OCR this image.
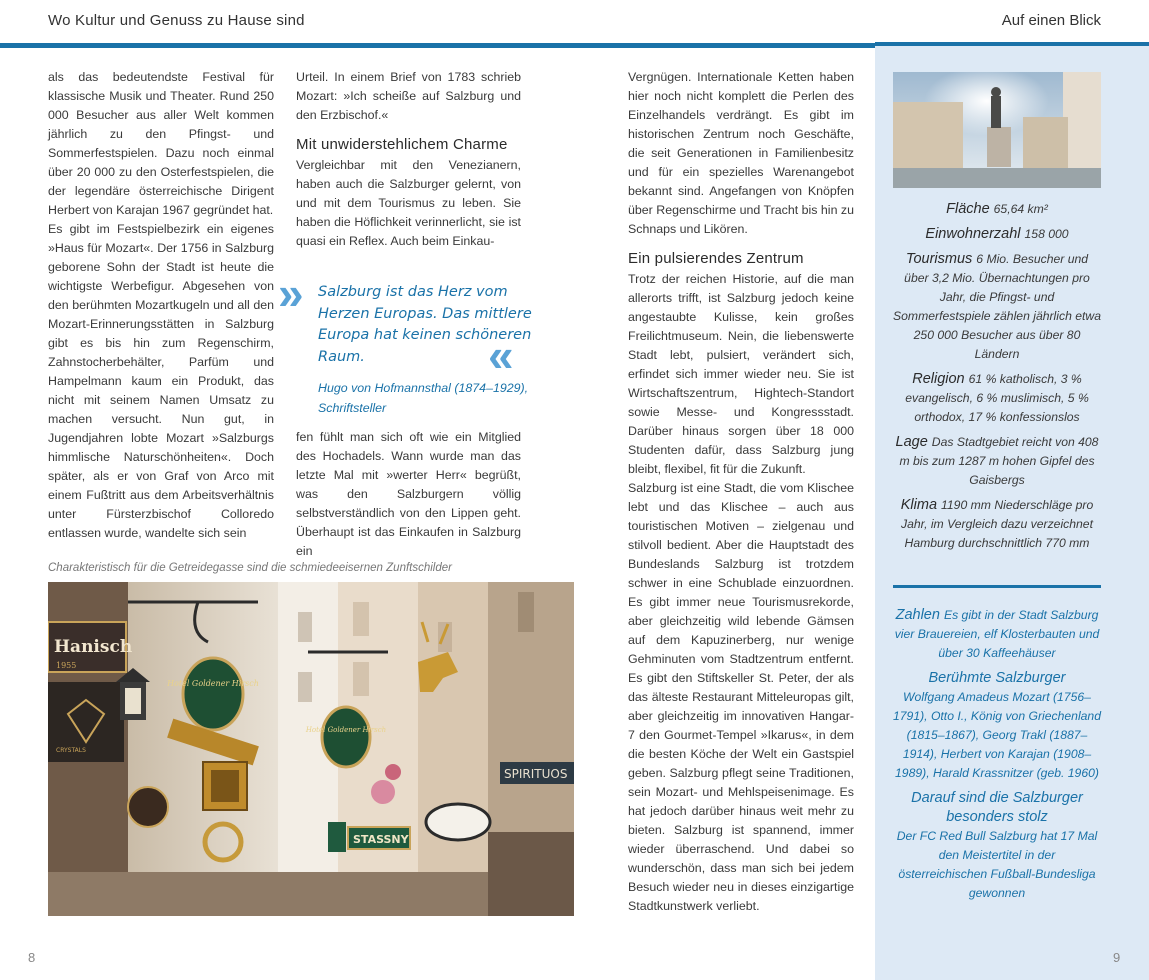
Wo Kultur und Genuss zu Hause sind	Auf einen Blick

als das bedeutendste Festival für klassische Musik und Theater. Rund 250 000 Besucher aus aller Welt kommen jährlich zu den Pfingst- und Sommerfestspielen. Dazu noch einmal über 20 000 zu den Osterfestspielen, die der legendäre österreichische Dirigent Herbert von Karajan 1967 gegründet hat.

Es gibt im Festspielbezirk ein eigenes »Haus für Mozart«. Der 1756 in Salzburg geborene Sohn der Stadt ist heute die wichtigste Werbefigur. Abgesehen von den berühmten Mozartkugeln und all den Mozart-Erinnerungsstätten in Salzburg gibt es bis hin zum Regenschirm, Zahnstocherbehälter, Parfüm und Hampelmann kaum ein Produkt, das nicht mit seinem Namen Umsatz zu machen versucht. Nun gut, in Jugendjahren lobte Mozart »Salzburgs himmlische Naturschönheiten«. Doch später, als er von Graf von Arco mit einem Fußtritt aus dem Arbeitsverhältnis unter Fürsterzbischof Colloredo entlassen wurde, wandelte sich sein

Urteil. In einem Brief von 1783 schrieb Mozart: »Ich scheiße auf Salzburg und den Erzbischof.«

Mit unwiderstehlichem Charme

Vergleichbar mit den Venezianern, haben auch die Salzburger gelernt, von und mit dem Tourismus zu leben. Sie haben die Höflichkeit verinnerlicht, sie ist quasi ein Reflex. Auch beim Einkau-

» Salzburg ist das Herz vom Herzen Europas. Das mittlere Europa hat keinen schöneren Raum.	«
Hugo von Hofmannsthal (1874–1929), Schriftsteller

fen fühlt man sich oft wie ein Mitglied des Hochadels. Wann wurde man das letzte Mal mit »werter Herr« begrüßt, was den Salzburgern völlig selbstverständlich von den Lippen geht. Überhaupt ist das Einkaufen in Salzburg ein

Vergnügen. Internationale Ketten haben hier noch nicht komplett die Perlen des Einzelhandels verdrängt. Es gibt im historischen Zentrum noch Geschäfte, die seit Generationen in Familienbesitz und für ein spezielles Warenangebot bekannt sind. Angefangen von Knöpfen über Regenschirme und Tracht bis hin zu Schnaps und Likören.

Ein pulsierendes Zentrum

Trotz der reichen Historie, auf die man allerorts trifft, ist Salzburg jedoch keine angestaubte Kulisse, kein großes Freilichtmuseum. Nein, die liebenswerte Stadt lebt, pulsiert, verändert sich, erfindet sich immer wieder neu. Sie ist Wirtschaftszentrum, Hightech-Standort sowie Messe- und Kongressstadt. Darüber hinaus sorgen über 18 000 Studenten dafür, dass Salzburg jung bleibt, flexibel, fit für die Zukunft.

Salzburg ist eine Stadt, die vom Klischee lebt und das Klischee – auch aus touristischen Motiven – zielgenau und stilvoll bedient. Aber die Hauptstadt des Bundeslands Salzburg ist trotzdem schwer in eine Schublade einzuordnen. Es gibt immer neue Tourismusrekorde, aber gleichzeitig wild lebende Gämsen auf dem Kapuzinerberg, nur wenige Gehminuten vom Stadtzentrum entfernt. Es gibt den Stiftskeller St. Peter, der als das älteste Restaurant Mitteleuropas gilt, aber gleichzeitig im innovativen Hangar-7 den Gourmet-Tempel »Ikarus«, in dem die besten Köche der Welt ein Gastspiel geben. Salzburg pflegt seine Traditionen, sein Mozart- und Mehlspeisenimage. Es hat jedoch darüber hinaus weit mehr zu bieten. Salzburg ist spannend, immer wieder überraschend. Und dabei so wunderschön, dass man sich bei jedem Besuch wieder neu in dieses einzigartige Stadtkunstwerk verliebt.

Charakteristisch für die Getreidegasse sind die schmiedeeisernen Zunftschilder
Hanisch
1955
CRYSTALS
Hotel Goldener Hirsch
Hotel Goldener Hirsch
SPIRITUOS
STASSNY
Fläche 65,64 km²
Einwohnerzahl 158 000
Tourismus 6 Mio. Besucher und über 3,2 Mio. Übernachtungen pro Jahr, die Pfingst- und Sommerfestspiele zählen jährlich etwa 250 000 Besucher aus über 80 Ländern
Religion 61 % katholisch, 3 % evangelisch, 6 % muslimisch, 5 % orthodox, 17 % konfessionslos
Lage Das Stadtgebiet reicht von 408 m bis zum 1287 m hohen Gipfel des Gaisbergs
Klima 1190 mm Niederschläge pro Jahr, im Vergleich dazu verzeichnet Hamburg durchschnittlich 770 mm
Zahlen Es gibt in der Stadt Salzburg vier Brauereien, elf Klosterbauten und über 30 Kaffeehäuser
Berühmte Salzburger
Wolfgang Amadeus Mozart (1756–1791), Otto I., König von Griechenland (1815–1867), Georg Trakl (1887–1914), Herbert von Karajan (1908–1989), Harald Krassnitzer (geb. 1960)
Darauf sind die Salzburger besonders stolz
Der FC Red Bull Salzburg hat 17 Mal den Meistertitel in der österreichischen Fußball-Bundesliga gewonnen
8	9
